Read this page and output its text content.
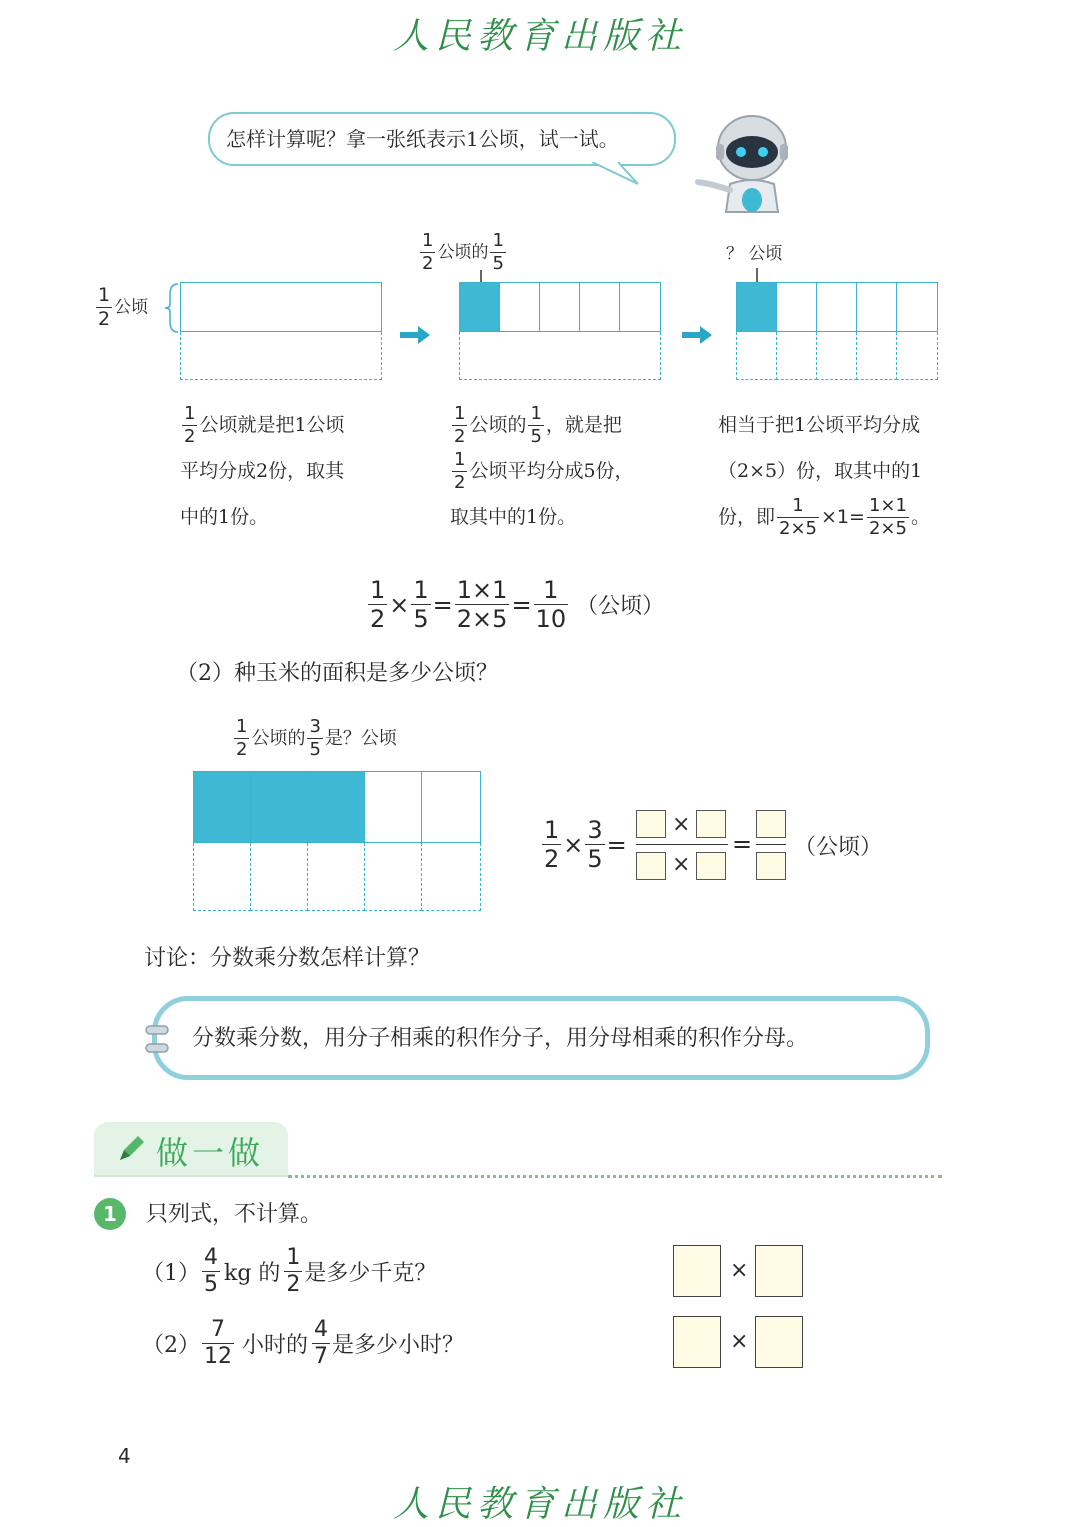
人民教育出版社
怎样计算呢？拿一张纸表示1公顷，试一试。
$\frac{1}{2}$ 公顷
$\frac{1}{2}$ 公顷的 $\frac{1}{5}$	？ 公顷
$\frac{1}{2}$ 公顷就是把1公顷
平均分成2份，取其
中的1份。
$\frac{1}{2}$ 公顷的 $\frac{1}{5}$ ，就是把
$\frac{1}{2}$ 公顷平均分成5份，
取其中的1份。
相当于把1公顷平均分成
（2×5）份，取其中的1
份，即 $\frac{1}{2\times 5} \times 1= \frac{1\times 1}{2\times 5}$ 。
$\frac{1}{2} \times \frac{1}{5} = \frac{1\times 1}{2\times 5} = \frac{1}{10}$ （公顷）
（2）种玉米的面积是多少公顷？
$\frac{1}{2}$ 公顷的 $\frac{3}{5}$ 是？公顷
$\frac{1}{2} \times \frac{3}{5}$ =
×
×
= （公顷）
讨论：分数乘分数怎样计算？
分数乘分数，用分子相乘的积作分子，用分母相乘的积作分母。
做一做
1	只列式，不计算。
$(1) \frac{4}{5}$ kg 的 $\frac{1}{2}$ 是多少千克？	×
$(2) \frac{7}{12}$ 小时的 $\frac{4}{7}$ 是多少小时？	×
4
人民教育出版社
